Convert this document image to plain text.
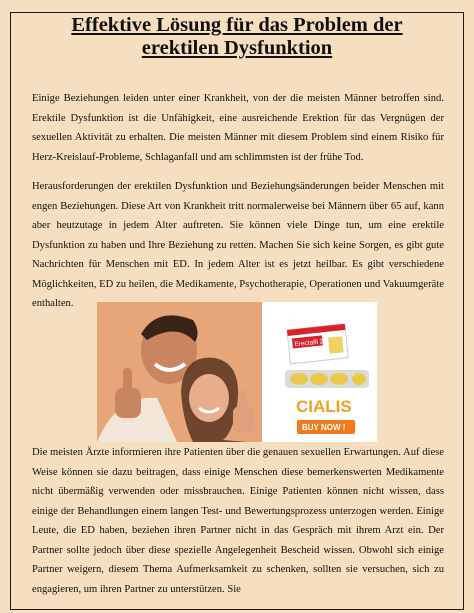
Effektive Lösung für das Problem der
erektilen Dysfunktion

Einige Beziehungen leiden unter einer Krankheit, von der die meisten Männer betroffen sind. Erektile Dysfunktion ist die Unfähigkeit, eine ausreichende Erektion für das Vergnügen der sexuellen Aktivität zu erhalten. Die meisten Männer mit diesem Problem sind einem Risiko für Herz-Kreislauf-Probleme, Schlaganfall und am schlimmsten ist der frühe Tod.

Herausforderungen der erektilen Dysfunktion und Beziehungsänderungen beider Menschen mit engen Beziehungen. Diese Art von Krankheit tritt normalerweise bei Männern über 65 auf, kann aber heutzutage in jedem Alter auftreten. Sie können viele Dinge tun, um eine erektile Dysfunktion zu haben und Ihre Beziehung zu retten. Machen Sie sich keine Sorgen, es gibt gute Nachrichten für Menschen mit ED. In jedem Alter ist es jetzt heilbar. Es gibt verschiedene Möglichkeiten, ED zu heilen, die Medikamente, Psychotherapie, Operationen und Vakuumgeräte enthalten.

Erectafil 20
CIALIS
BUY NOW !

Die meisten Ärzte informieren ihre Patienten über die genauen sexuellen Erwartungen. Auf diese Weise können sie dazu beitragen, dass einige Menschen diese bemerkenswerten Medikamente nicht übermäßig verwenden oder missbrauchen. Einige Patienten können nicht wissen, dass einige der Behandlungen einem langen Test- und Bewertungsprozess unterzogen werden. Einige Leute, die ED haben, beziehen ihren Partner nicht in das Gespräch mit ihrem Arzt ein. Der Partner sollte jedoch über diese spezielle Angelegenheit Bescheid wissen. Obwohl sich einige Partner weigern, diesem Thema Aufmerksamkeit zu schenken, sollten sie versuchen, sich zu engagieren, um ihren Partner zu unterstützen. Sie
